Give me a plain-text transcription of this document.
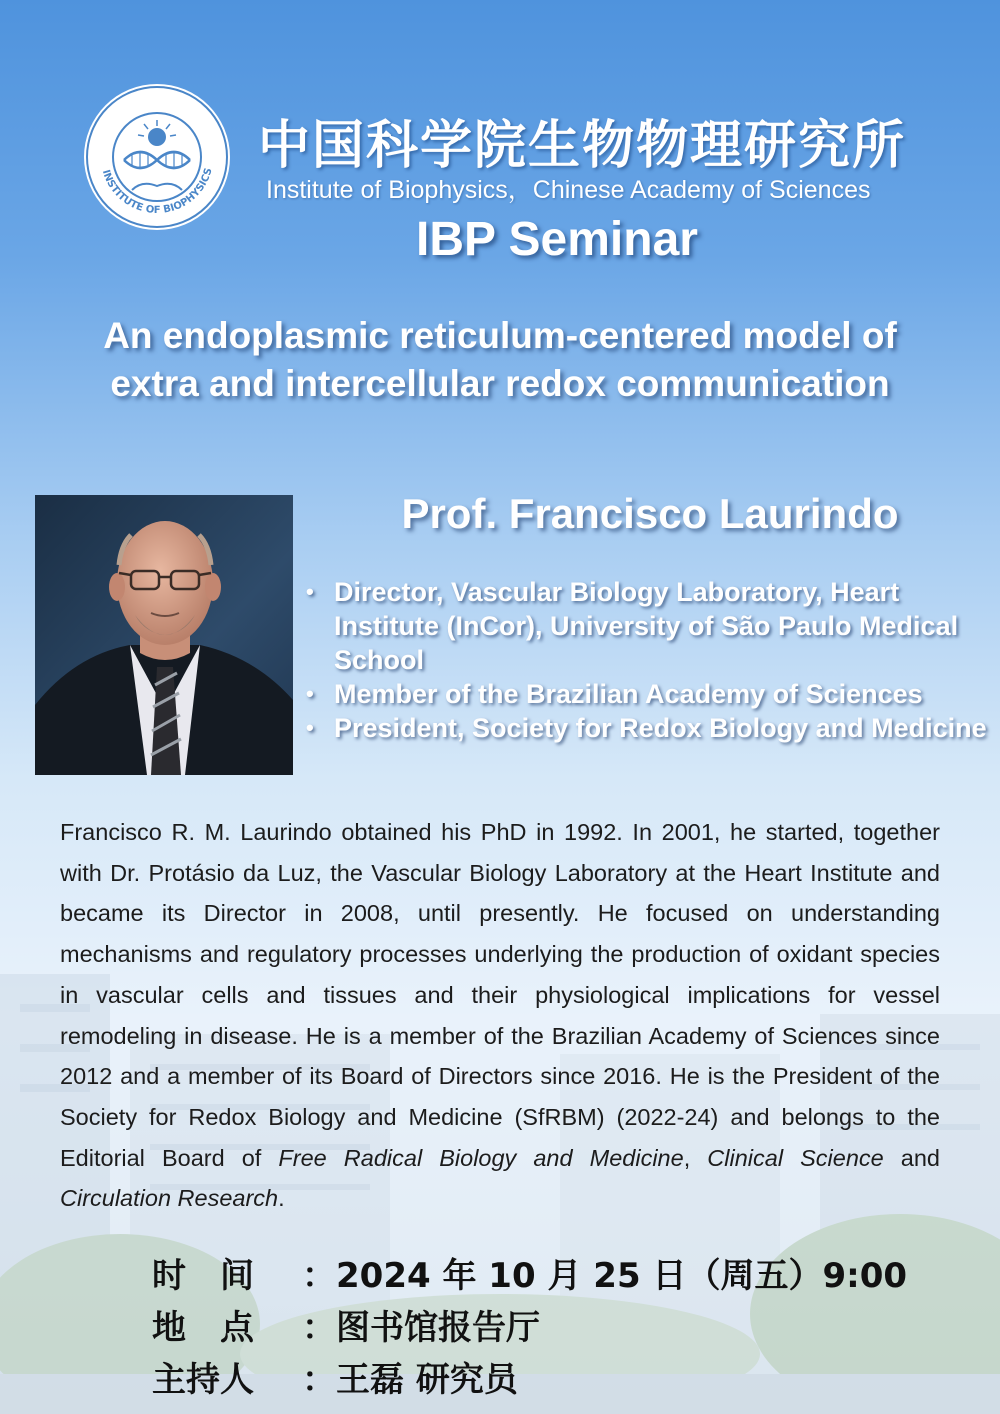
INSTITUTE OF BIOPHYSICS 中国科学院生物物理研究所
Institute of Biophysics，Chinese Academy of Sciences
IBP Seminar
An endoplasmic reticulum-centered model of
extra and intercellular redox communication
Prof. Francisco Laurindo
• Director, Vascular Biology Laboratory, Heart Institute (InCor), University of São Paulo Medical School
• Member of the Brazilian Academy of Sciences
• President, Society for Redox Biology and Medicine

Francisco R. M. Laurindo obtained his PhD in 1992. In 2001, he started, together with Dr. Protásio da Luz, the Vascular Biology Laboratory at the Heart Institute and became its Director in 2008, until presently. He focused on understanding mechanisms and regulatory processes underlying the production of oxidant species in vascular cells and tissues and their physiological implications for vessel remodeling in disease. He is a member of the Brazilian Academy of Sciences since 2012 and a member of its Board of Directors since 2016. He is the President of the Society for Redox Biology and Medicine (SfRBM) (2022-24) and belongs to the Editorial Board of Free Radical Biology and Medicine, Clinical Science and Circulation Research.

时　间 ：2024 年 10 月 25 日（周五）9:00
地　点 ：图书馆报告厅
主持人 ：王磊 研究员
